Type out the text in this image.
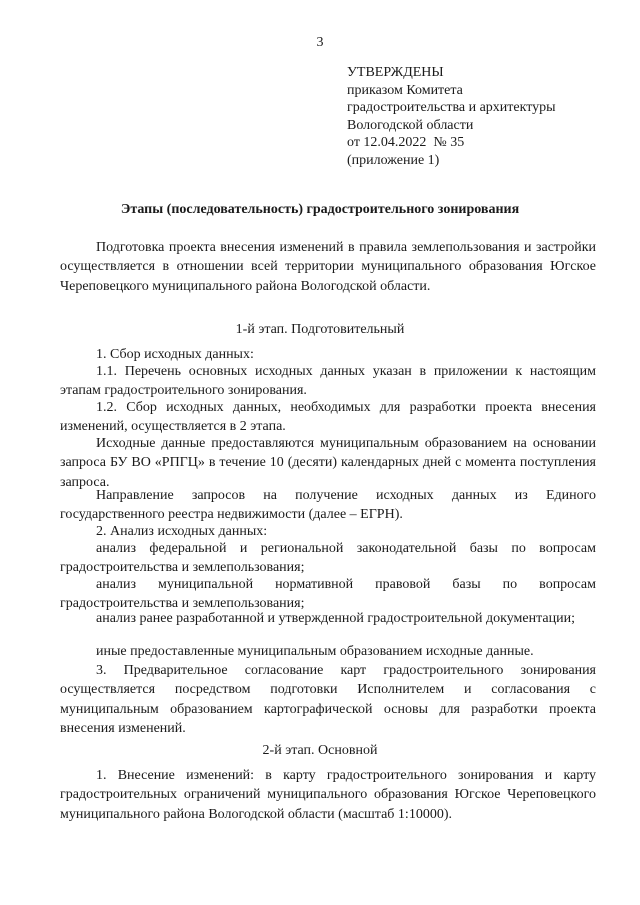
3
УТВЕРЖДЕНЫ
приказом Комитета
градостроительства и архитектуры
Вологодской области
от 12.04.2022  № 35
(приложение 1)
Этапы (последовательность) градостроительного зонирования
Подготовка проекта внесения изменений в правила землепользования и застройки осуществляется в отношении всей территории муниципального образования Югское Череповецкого муниципального района Вологодской области.
1-й этап. Подготовительный
1. Сбор исходных данных:
1.1. Перечень основных исходных данных указан в приложении к настоящим этапам градостроительного зонирования.
1.2. Сбор исходных данных, необходимых для разработки проекта внесения изменений, осуществляется в 2 этапа.
Исходные данные предоставляются муниципальным образованием на основании запроса БУ ВО «РПГЦ» в течение 10 (десяти) календарных дней с момента поступления запроса.
Направление запросов на получение исходных данных из Единого государственного реестра недвижимости (далее – ЕГРН).
2. Анализ исходных данных:
анализ федеральной и региональной законодательной базы по вопросам градостроительства и землепользования;
анализ муниципальной нормативной правовой базы по вопросам градостроительства и землепользования;
анализ ранее разработанной и утвержденной градостроительной документации;
иные предоставленные муниципальным образованием исходные данные.
3. Предварительное согласование карт градостроительного зонирования осуществляется посредством подготовки Исполнителем и согласования с муниципальным образованием картографической основы для разработки проекта внесения изменений.
2-й этап. Основной
1. Внесение изменений: в карту градостроительного зонирования и карту градостроительных ограничений муниципального образования Югское Череповецкого муниципального района Вологодской области (масштаб 1:10000).
